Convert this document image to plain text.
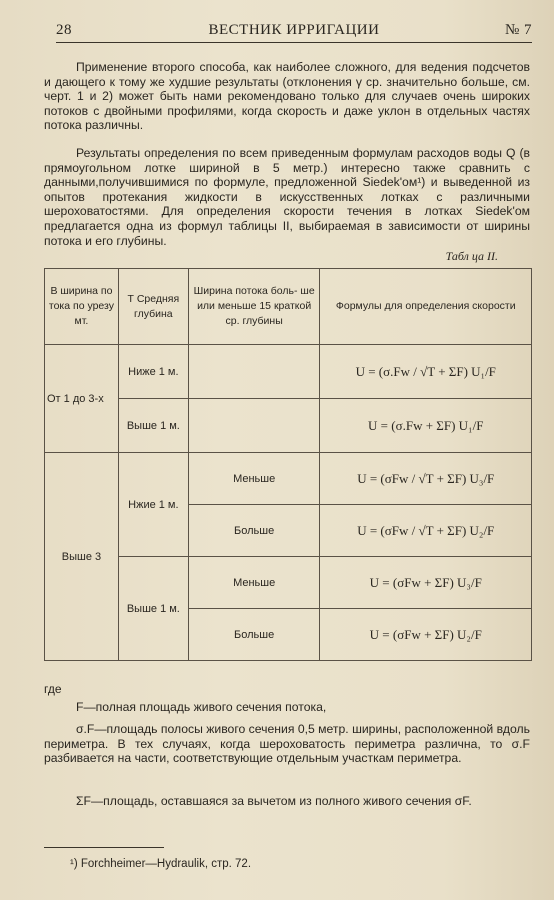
28	ВЕСТНИК ИРРИГАЦИИ	№ 7
Применение второго способа, как наиболее сложного, для ведения подсчетов и дающего к тому же худшие результаты (отклонения γ ср. значительно больше, см. черт. 1 и 2) может быть нами рекомендовано только для случаев очень широких потоков с двойными профилями, когда скорость и даже уклон в отдельных частях потока различны.
Результаты определения по всем приведенным формулам расходов воды Q (в прямоугольном лотке шириной в 5 метр.) интересно также сравнить с данными,получившимися по формуле, предложенной Siedek'ом¹) и выведенной из опытов протекания жидкости в искусственных лотках с различными шероховатостями. Для определения скорости течения в лотках Siedek'ом предлагается одна из формул таблицы II, выбираемая в зависимости от ширины потока и его глубины.
Табл ца II.
В ширина по тока по урезу мт.	Т Средняя глубина	Ширина потока боль- ше или меньше 15 краткой ср. глубины	Формулы для определения скорости
От 1 до 3-х	Ниже 1 м.		U = (σ.Fw / √T + ΣF) U₁/F
	Выше 1 м.		U = (σ.Fw + ΣF) U₁/F
Выше 3	Нжие 1 м.	Меньше	U = (σFw / √T + ΣF) U₃/F
		Больше	U = (σFw / √T + ΣF) U₂/F
	Выше 1 м.	Меньше	U = (σFw + ΣF) U₃/F
		Больше	U = (σFw + ΣF) U₂/F
где
F—полная площадь живого сечения потока,
σ.F—площадь полосы живого сечения 0,5 метр. ширины, расположенной вдоль периметра. В тех случаях, когда шероховатость периметра различна, то σ.F разбивается на части, соответствующие отдельным участкам периметра.
ΣF—площадь, оставшаяся за вычетом из полного живого сечения σF.
¹) Forchheimer—Hydraulik, стр. 72.
